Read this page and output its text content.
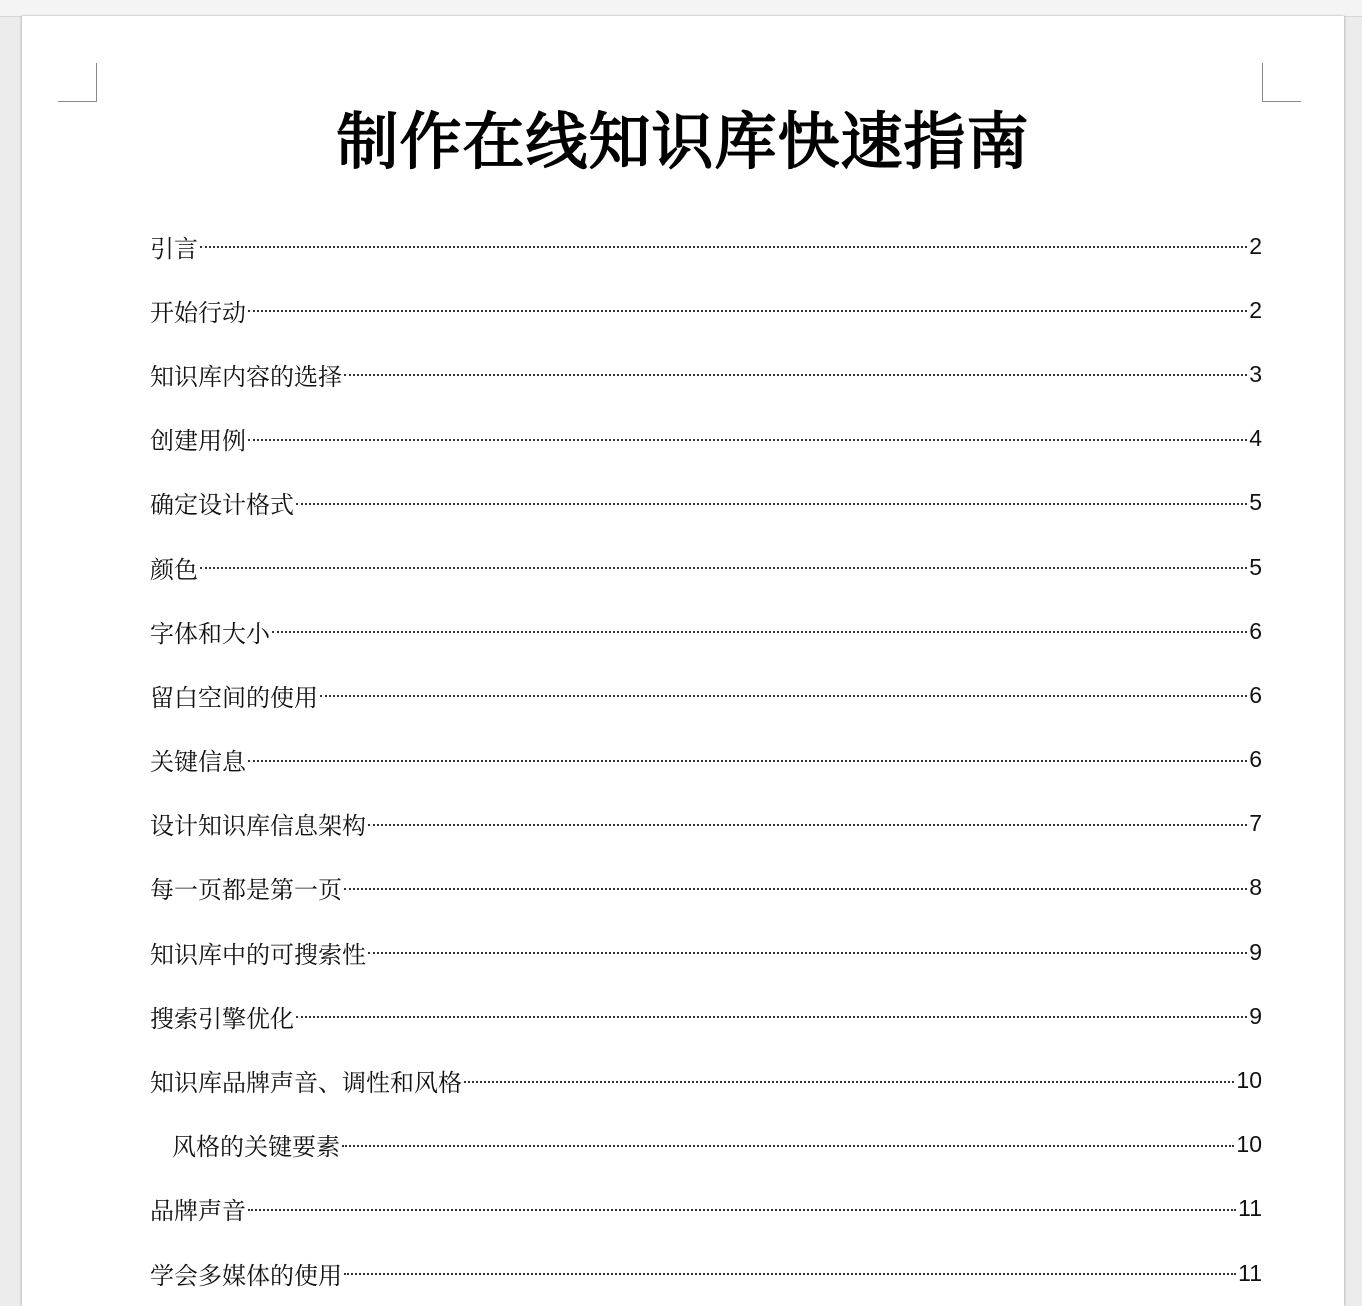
制作在线知识库快速指南
引言	2
开始行动	2
知识库内容的选择	3
创建用例	4
确定设计格式	5
颜色	5
字体和大小	6
留白空间的使用	6
关键信息	6
设计知识库信息架构	7
每一页都是第一页	8
知识库中的可搜索性	9
搜索引擎优化	9
知识库品牌声音、调性和风格	10
风格的关键要素	10
品牌声音	11
学会多媒体的使用	11
